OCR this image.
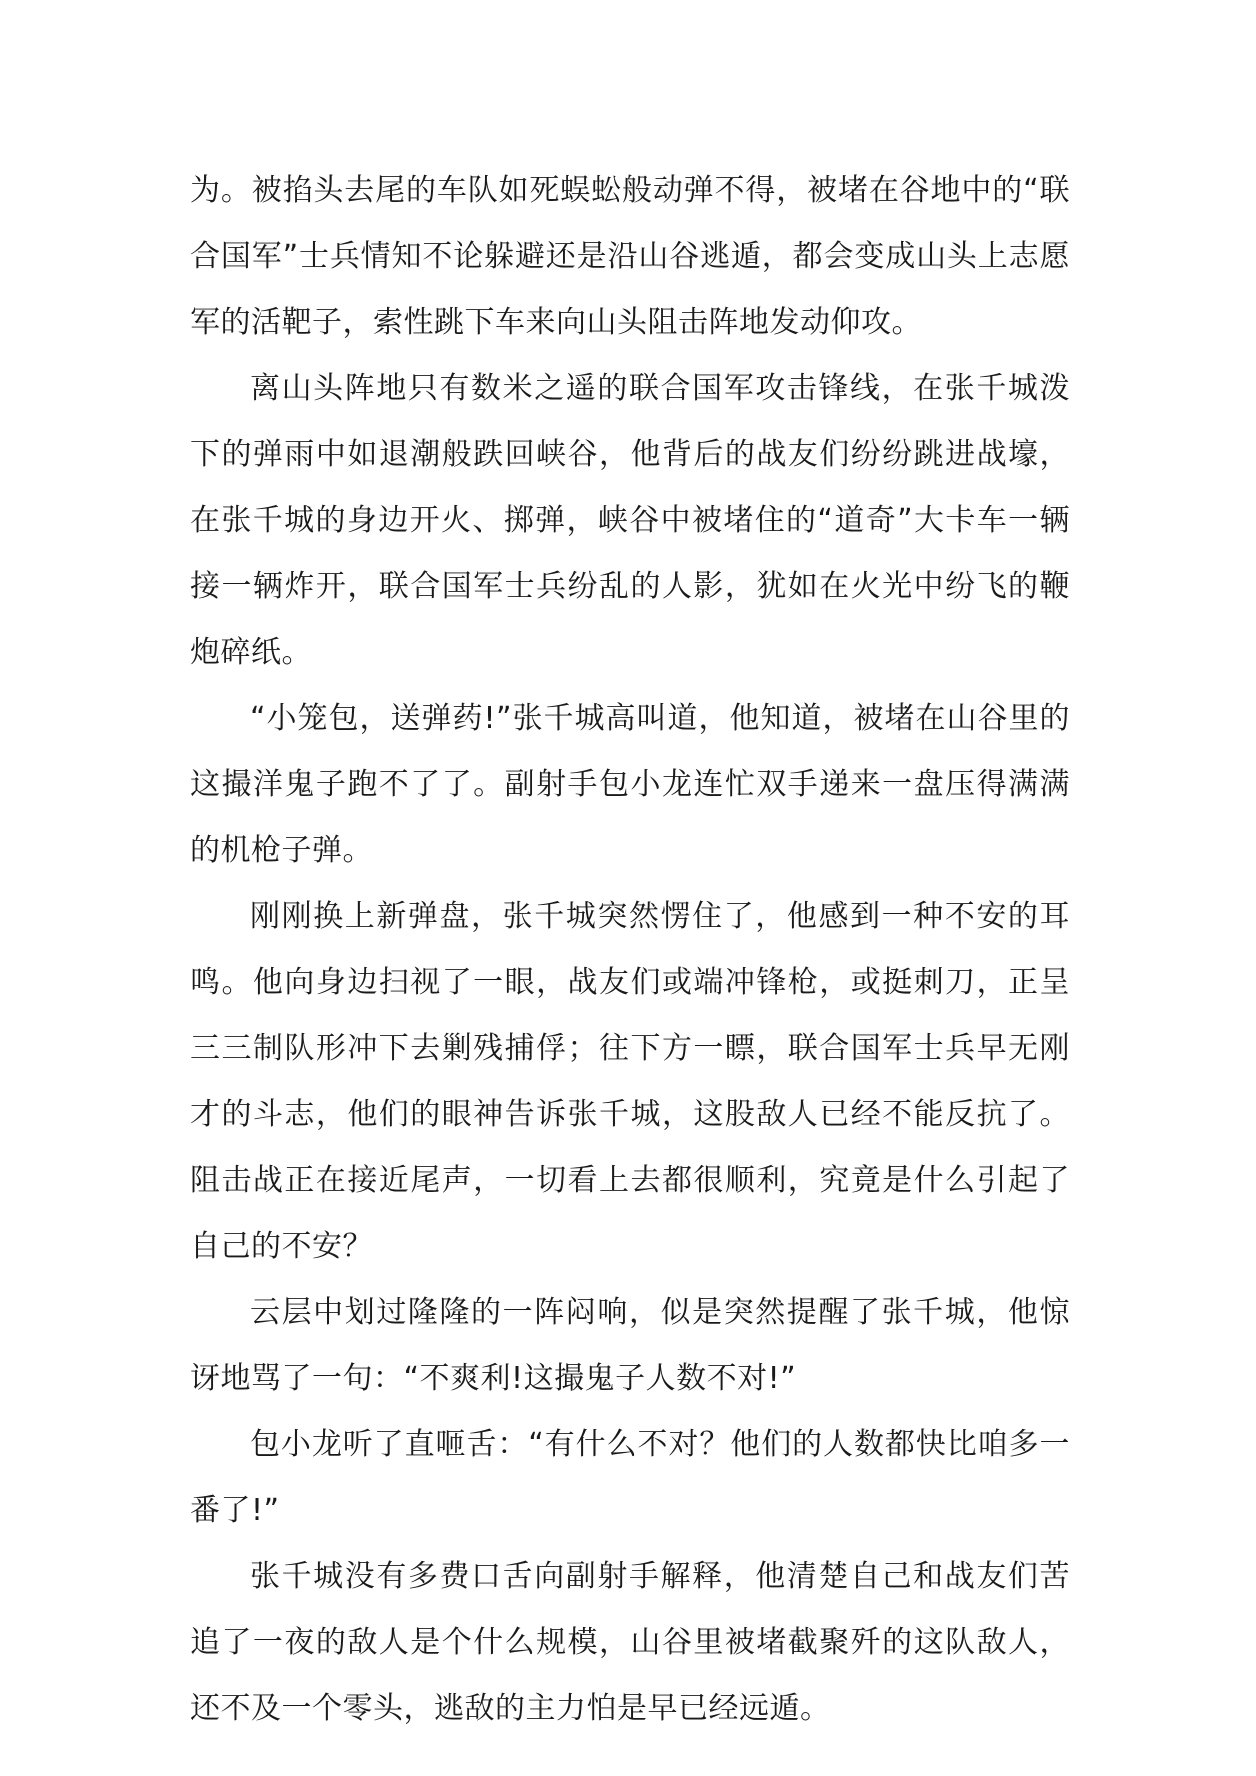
为。被掐头去尾的车队如死蜈蚣般动弹不得，被堵在谷地中的“联合国军”士兵情知不论躲避还是沿山谷逃遁，都会变成山头上志愿军的活靶子，索性跳下车来向山头阻击阵地发动仰攻。

离山头阵地只有数米之遥的联合国军攻击锋线，在张千城泼下的弹雨中如退潮般跌回峡谷，他背后的战友们纷纷跳进战壕，在张千城的身边开火、掷弹，峡谷中被堵住的“道奇”大卡车一辆接一辆炸开，联合国军士兵纷乱的人影，犹如在火光中纷飞的鞭炮碎纸。

“小笼包，送弹药!”张千城高叫道，他知道，被堵在山谷里的这撮洋鬼子跑不了了。副射手包小龙连忙双手递来一盘压得满满的机枪子弹。

刚刚换上新弹盘，张千城突然愣住了，他感到一种不安的耳鸣。他向身边扫视了一眼，战友们或端冲锋枪，或挺刺刀，正呈三三制队形冲下去剿残捕俘；往下方一瞟，联合国军士兵早无刚才的斗志，他们的眼神告诉张千城，这股敌人已经不能反抗了。阻击战正在接近尾声，一切看上去都很顺利，究竟是什么引起了自己的不安？

云层中划过隆隆的一阵闷响，似是突然提醒了张千城，他惊讶地骂了一句：“不爽利!这撮鬼子人数不对!”

包小龙听了直咂舌：“有什么不对？他们的人数都快比咱多一番了!”

张千城没有多费口舌向副射手解释，他清楚自己和战友们苦追了一夜的敌人是个什么规模，山谷里被堵截聚歼的这队敌人，还不及一个零头，逃敌的主力怕是早已经远遁。
